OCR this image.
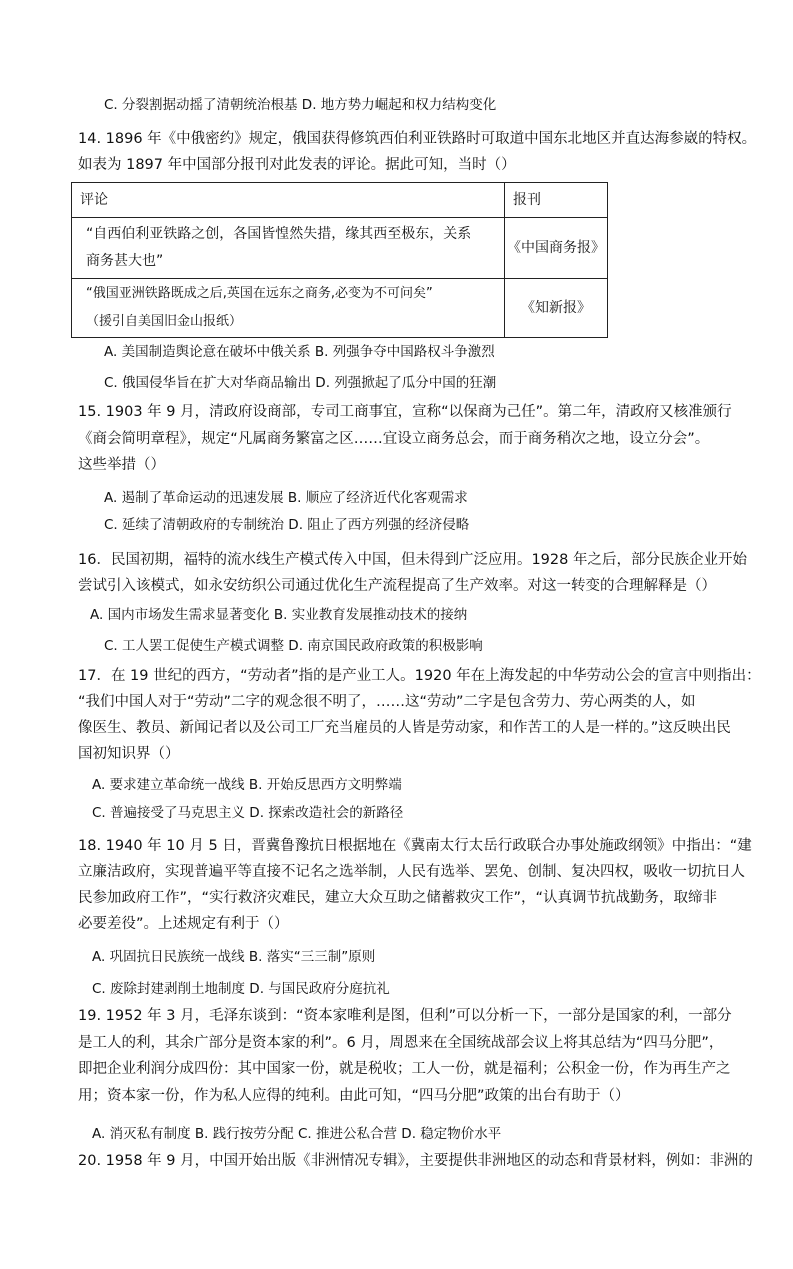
C. 分裂割据动摇了清朝统治根基 D. 地方势力崛起和权力结构变化
14. 1896 年《中俄密约》规定，俄国获得修筑西伯利亚铁路时可取道中国东北地区并直达海参崴的特权。
如表为 1897 年中国部分报刊对此发表的评论。据此可知，当时（）
评论	报刊

“自西伯利亚铁路之创，各国皆惶然失措，缘其西至极东，关系
商务甚大也”	《中国商务报》

“俄国亚洲铁路既成之后,英国在远东之商务,必变为不可问矣”
（援引自美国旧金山报纸）	《知新报》
A. 美国制造舆论意在破坏中俄关系 B. 列强争夺中国路权斗争激烈
C. 俄国侵华旨在扩大对华商品输出 D. 列强掀起了瓜分中国的狂潮
15. 1903 年 9 月，清政府设商部，专司工商事宜，宣称“以保商为己任”。第二年，清政府又核准颁行
《商会简明章程》，规定“凡属商务繁富之区……宜设立商务总会，而于商务稍次之地，设立分会”。
这些举措（）
A. 遏制了革命运动的迅速发展 B. 顺应了经济近代化客观需求
C. 延续了清朝政府的专制统治 D. 阻止了西方列强的经济侵略
16．民国初期，福特的流水线生产模式传入中国，但未得到广泛应用。1928 年之后，部分民族企业开始
尝试引入该模式，如永安纺织公司通过优化生产流程提高了生产效率。对这一转变的合理解释是（）
A. 国内市场发生需求显著变化 B. 实业教育发展推动技术的接纳
C. 工人罢工促使生产模式调整 D. 南京国民政府政策的积极影响
17．在 19 世纪的西方，“劳动者”指的是产业工人。1920 年在上海发起的中华劳动公会的宣言中则指出：
“我们中国人对于“劳动”二字的观念很不明了，……这“劳动”二字是包含劳力、劳心两类的人，如
像医生、教员、新闻记者以及公司工厂充当雇员的人皆是劳动家，和作苦工的人是一样的。”这反映出民
国初知识界（）
A. 要求建立革命统一战线 B. 开始反思西方文明弊端
C. 普遍接受了马克思主义 D. 探索改造社会的新路径
18. 1940 年 10 月 5 日，晋冀鲁豫抗日根据地在《冀南太行太岳行政联合办事处施政纲领》中指出：“建
立廉洁政府，实现普遍平等直接不记名之选举制，人民有选举、罢免、创制、复决四权，吸收一切抗日人
民参加政府工作”，“实行救济灾难民，建立大众互助之储蓄救灾工作”，“认真调节抗战勤务，取缔非
必要差役”。上述规定有利于（）
A. 巩固抗日民族统一战线 B. 落实“三三制”原则
C. 废除封建剥削土地制度 D. 与国民政府分庭抗礼
19. 1952 年 3 月，毛泽东谈到：“资本家唯利是图，但利”可以分析一下，一部分是国家的利，一部分
是工人的利，其余广部分是资本家的利”。6 月，周恩来在全国统战部会议上将其总结为“四马分肥”，
即把企业利润分成四份：其中国家一份，就是税收；工人一份，就是福利；公积金一份，作为再生产之
用；资本家一份，作为私人应得的纯利。由此可知，“四马分肥”政策的出台有助于（）
A. 消灭私有制度 B. 践行按劳分配 C. 推进公私合营 D. 稳定物价水平
20. 1958 年 9 月，中国开始出版《非洲情况专辑》，主要提供非洲地区的动态和背景材料，例如：非洲的
